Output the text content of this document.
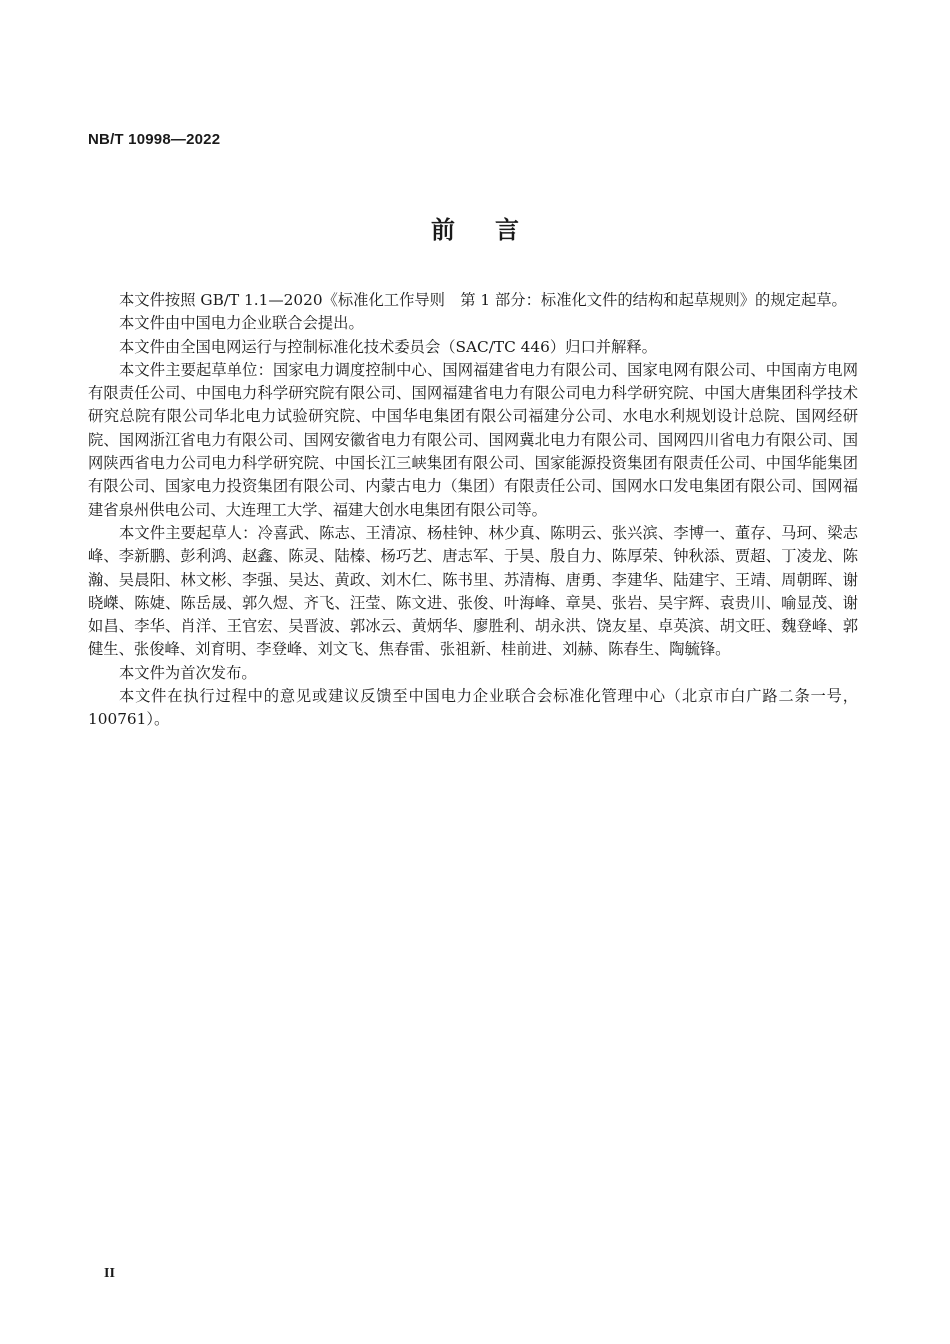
NB/T 10998—2022
前言

本文件按照 GB/T 1.1—2020《标准化工作导则　第 1 部分：标准化文件的结构和起草规则》的规定起草。

本文件由中国电力企业联合会提出。

本文件由全国电网运行与控制标准化技术委员会（SAC/TC 446）归口并解释。

本文件主要起草单位：国家电力调度控制中心、国网福建省电力有限公司、国家电网有限公司、中国南方电网有限责任公司、中国电力科学研究院有限公司、国网福建省电力有限公司电力科学研究院、中国大唐集团科学技术研究总院有限公司华北电力试验研究院、中国华电集团有限公司福建分公司、水电水利规划设计总院、国网经研院、国网浙江省电力有限公司、国网安徽省电力有限公司、国网冀北电力有限公司、国网四川省电力有限公司、国网陕西省电力公司电力科学研究院、中国长江三峡集团有限公司、国家能源投资集团有限责任公司、中国华能集团有限公司、国家电力投资集团有限公司、内蒙古电力（集团）有限责任公司、国网水口发电集团有限公司、国网福建省泉州供电公司、大连理工大学、福建大创水电集团有限公司等。

本文件主要起草人：冷喜武、陈志、王清凉、杨桂钟、林少真、陈明云、张兴滨、李博一、董存、马珂、梁志峰、李新鹏、彭利鸿、赵鑫、陈灵、陆榛、杨巧艺、唐志军、于昊、殷自力、陈厚荣、钟秋添、贾超、丁凌龙、陈瀚、吴晨阳、林文彬、李强、吴达、黄政、刘木仁、陈书里、苏清梅、唐勇、李建华、陆建宇、王靖、周朝晖、谢晓嵥、陈婕、陈岳晟、郭久煜、齐飞、汪莹、陈文进、张俊、叶海峰、章昊、张岩、吴宇辉、袁贵川、喻显茂、谢如昌、李华、肖洋、王官宏、吴晋波、郭冰云、黄炳华、廖胜利、胡永洪、饶友星、卓英滨、胡文旺、魏登峰、郭健生、张俊峰、刘育明、李登峰、刘文飞、焦春雷、张祖新、桂前进、刘赫、陈春生、陶毓锋。

本文件为首次发布。

本文件在执行过程中的意见或建议反馈至中国电力企业联合会标准化管理中心（北京市白广路二条一号，100761）。

II
